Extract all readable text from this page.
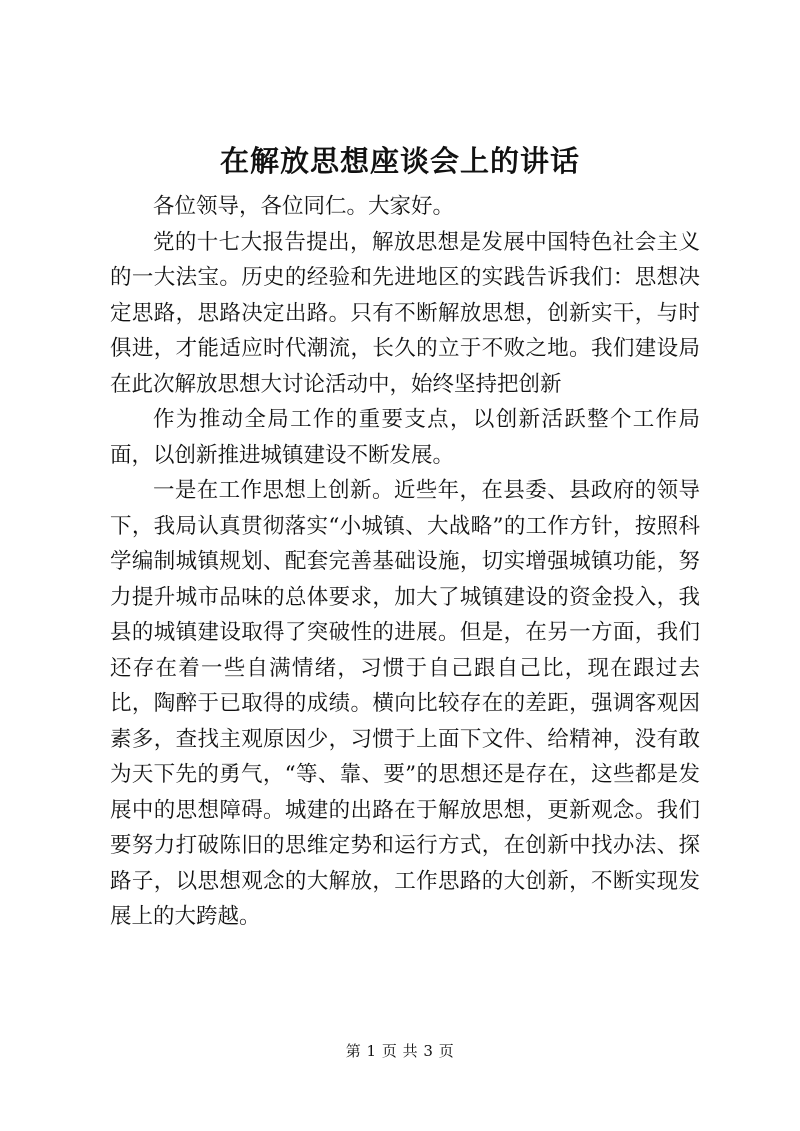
在解放思想座谈会上的讲话

各位领导，各位同仁。大家好。

党的十七大报告提出，解放思想是发展中国特色社会主义的一大法宝。历史的经验和先进地区的实践告诉我们：思想决定思路，思路决定出路。只有不断解放思想，创新实干，与时俱进，才能适应时代潮流，长久的立于不败之地。我们建设局在此次解放思想大讨论活动中，始终坚持把创新

作为推动全局工作的重要支点，以创新活跃整个工作局面，以创新推进城镇建设不断发展。

一是在工作思想上创新。近些年，在县委、县政府的领导下，我局认真贯彻落实“小城镇、大战略”的工作方针，按照科学编制城镇规划、配套完善基础设施，切实增强城镇功能，努力提升城市品味的总体要求，加大了城镇建设的资金投入，我县的城镇建设取得了突破性的进展。但是，在另一方面，我们还存在着一些自满情绪，习惯于自己跟自己比，现在跟过去比，陶醉于已取得的成绩。横向比较存在的差距，强调客观因素多，查找主观原因少，习惯于上面下文件、给精神，没有敢为天下先的勇气，“等、靠、要”的思想还是存在，这些都是发展中的思想障碍。城建的出路在于解放思想，更新观念。我们要努力打破陈旧的思维定势和运行方式，在创新中找办法、探路子，以思想观念的大解放，工作思路的大创新，不断实现发展上的大跨越。

第 1 页 共 3 页
